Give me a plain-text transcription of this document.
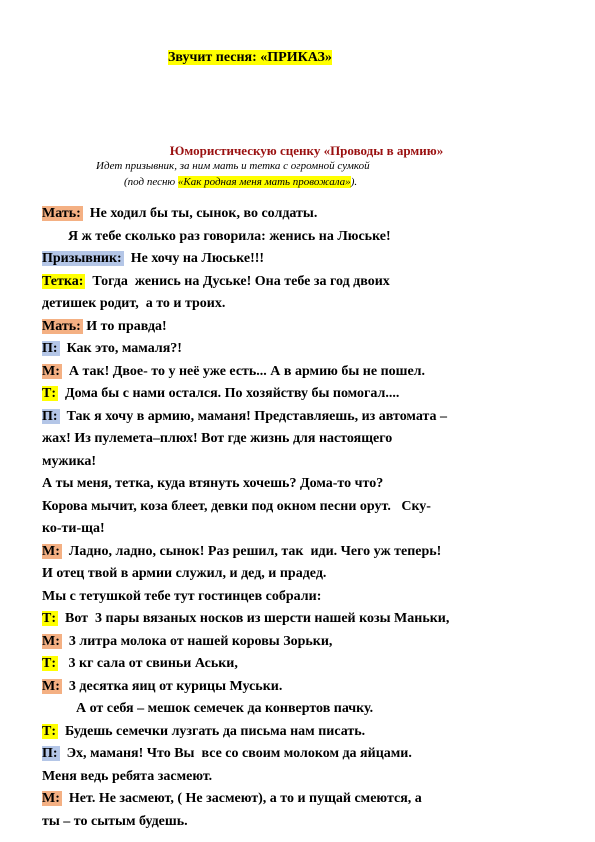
Звучит песня: «ПРИКАЗ»
Юмористическую сценку «Проводы в армию»
Идет призывник, за ним мать и тетка с огромной сумкой
(под песню «Как родная меня мать провожала»).
Мать:  Не ходил бы ты, сынок, во солдаты.
Я ж тебе сколько раз говорила: женись на Люське!
Призывник:  Не хочу на Люське!!!
Тетка:  Тогда  женись на Дуське! Она тебе за год двоих
детишек родит,  а то и троих.
Мать: И то правда!
П:  Как это, мамаля?!
М:  А так! Двое- то у неё уже есть... А в армию бы не пошел.
Т:  Дома бы с нами остался. По хозяйству бы помогал....
П:  Так я хочу в армию, маманя! Представляешь, из автомата –
жах! Из пулемета–плюх! Вот где жизнь для настоящего
мужика!
А ты меня, тетка, куда втянуть хочешь? Дома-то что?
Корова мычит, коза блеет, девки под окном песни орут.   Ску-
ко-ти-ща!
М:  Ладно, ладно, сынок! Раз решил, так  иди. Чего уж теперь!
И отец твой в армии служил, и дед, и прадед.
Мы с тетушкой тебе тут гостинцев собрали:
Т:  Вот  3 пары вязаных носков из шерсти нашей козы Маньки,
М:  3 литра молока от нашей коровы Зорьки,
Т:   3 кг сала от свиньи Аськи,
М:  3 десятка яиц от курицы Муськи.
А от себя – мешок семечек да конвертов пачку.
Т:  Будешь семечки лузгать да письма нам писать.
П:  Эх, маманя! Что Вы  все со своим молоком да яйцами.
Меня ведь ребята засмеют.
М:  Нет. Не засмеют, ( Не засмеют), а то и пущай смеются, а
ты – то сытым будешь.
